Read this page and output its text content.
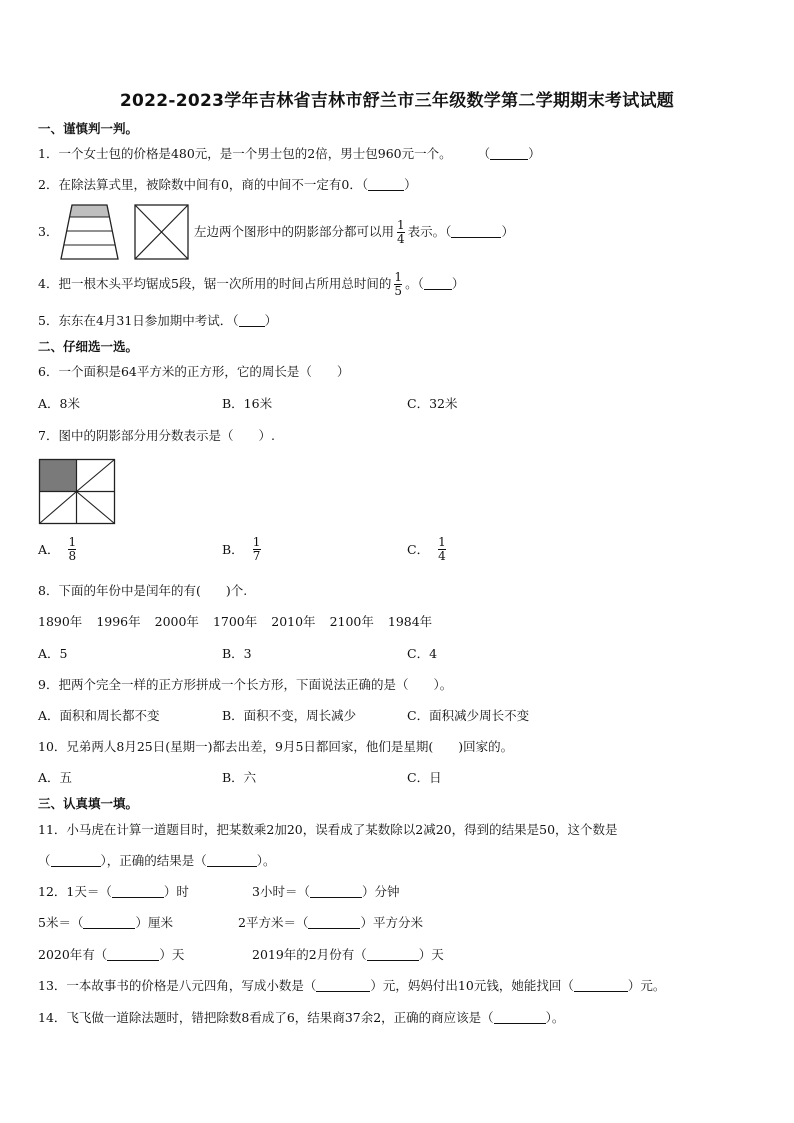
2022-2023学年吉林省吉林市舒兰市三年级数学第二学期期末考试试题
一、谨慎判一判。
1．一个女士包的价格是480元，是一个男士包的2倍，男士包960元一个。 （	）
2．在除法算式里，被除数中间有0，商的中间不一定有0．（	）
3．	左边两个图形中的阴影部分都可以用 $\frac{1}{4}$ 表示。（	）
4．把一根木头平均锯成5段，锯一次所用的时间占所用总时间的 $\frac{1}{5}$ 。（ ）
5．东东在4月31日参加期中考试．（ ）
二、仔细选一选。
6．一个面积是64平方米的正方形，它的周长是（　　）
A．8米	B．16米	C．32米
7．图中的阴影部分用分数表示是（　　）.
A． $\frac{1}{8}$	B． $\frac{1}{7}$	C． $\frac{1}{4}$
8．下面的年份中是闰年的有(　　)个.
1890年 1996年 2000年 1700年 2010年 2100年 1984年
A．5	B．3	C．4
9．把两个完全一样的正方形拼成一个长方形，下面说法正确的是（　　）。
A．面积和周长都不变	B．面积不变，周长减少	C．面积减少周长不变
10．兄弟两人8月25日(星期一)都去出差，9月5日都回家，他们是星期(　　)回家的。
A．五	B．六	C．日
三、认真填一填。
11．小马虎在计算一道题目时，把某数乘2加20，误看成了某数除以2减20，得到的结果是50，这个数是
（	），正确的结果是（	）。
12．1天＝（	）时	3小时＝（	）分钟
5米＝（	）厘米	2平方米＝（	）平方分米
2020年有（	）天	2019年的2月份有（	）天
13．一本故事书的价格是八元四角，写成小数是（	）元，妈妈付出10元钱，她能找回（	）元。
14．飞飞做一道除法题时，错把除数8看成了6，结果商37余2，正确的商应该是（	）。
